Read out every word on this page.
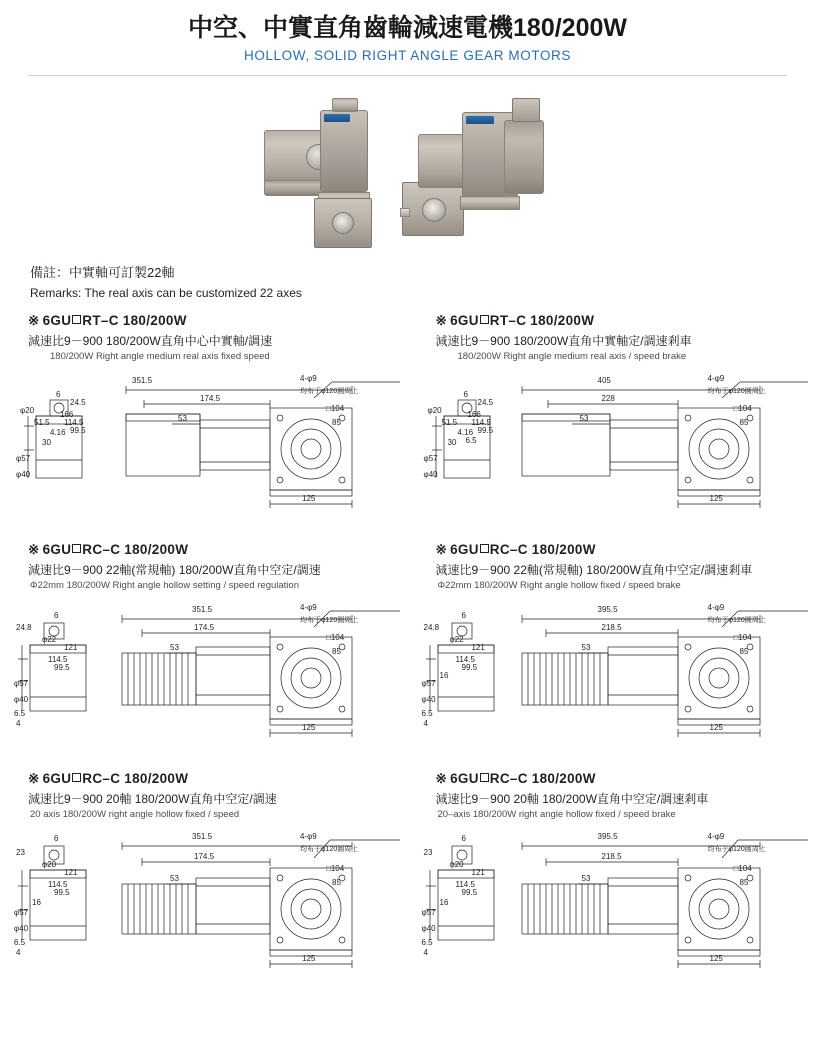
中空、中實直角齒輪減速電機180/200W
HOLLOW, SOLID RIGHT ANGLE GEAR MOTORS
備註：中實軸可訂製22軸
Remarks: The real axis can be customized 22 axes
※ 6GU RT–C 180/200W
減速比9－900 180/200W直角中心中實軸/調速
180/200W Right angle medium real axis fixed speed
351.5
174.5
53
4-φ9
均布于φ120圓周上
□104
85
125
6
24.5
φ20	166
51.5 114.5
99.5
4.16
30
φ57
φ40
※ 6GU RT–C 180/200W
減速比9－900 180/200W直角中實軸定/調速剎車
180/200W Right angle medium real axis / speed brake
405
228
53
4-φ9
均布于φ120圓周上
□104
85
125
6
24.5
φ20	166
51.5 114.5
99.5
4.16
6.5
30
φ57
φ40
※ 6GU RC–C 180/200W
減速比9－900 22軸(常規軸) 180/200W直角中空定/調速
Φ22mm 180/200W Right angle hollow setting / speed regulation
351.5
174.5
53
4-φ9
均布于φ120圓周上
□104
85
125
24.8
6
φ22
121
114.5
99.5
φ57
φ40
6.5
4
※ 6GU RC–C 180/200W
減速比9－900 22軸(常規軸) 180/200W直角中空定/調速剎車
Φ22mm 180/200W Right angle hollow fixed / speed brake
395.5
218.5
53
4-φ9
均布于φ120圓周上
□104
85
125
24.8
6
φ22
121
114.5
99.5
16
φ57
φ40
6.5
4
※ 6GU RC–C 180/200W
減速比9－900 20軸 180/200W直角中空定/調速
20 axis 180/200W right angle hollow fixed / speed
351.5
174.5
53
4-φ9
均布于φ120圓周上
□104
85
125
23
6
φ20
121
114.5
99.5
16
φ57
φ40
6.5
4
※ 6GU RC–C 180/200W
減速比9－900 20軸 180/200W直角中空定/調速剎車
20–axis 180/200W right angle hollow fixed / speed brake
395.5
218.5
53
4-φ9
均布于φ120圓周上
□104
85
125
23
6
φ20
121
114.5
99.5
16
φ57
φ40
6.5
4
